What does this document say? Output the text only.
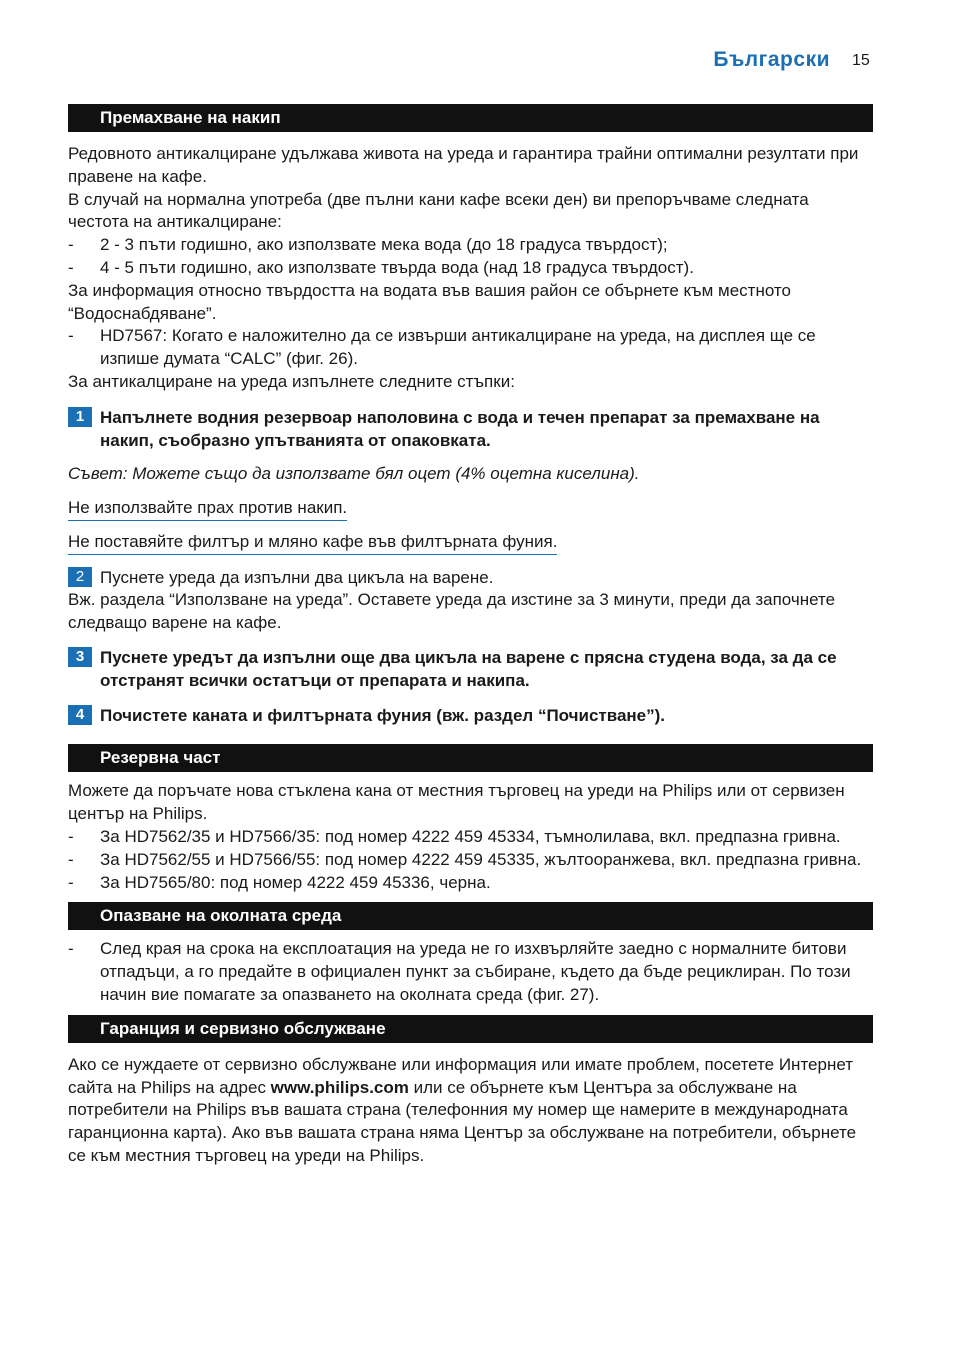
Български 15
Премахване на накип

Редовното антикалциране удължава живота на уреда и гарантира трайни оптимални резултати при правене на кафе.

В случай на нормална употреба (две пълни кани кафе всеки ден) ви препоръчваме следната честота на антикалциране:

- 2 - 3 пъти годишно, ако използвате мека вода (до 18 градуса твърдост);
- 4 - 5 пъти годишно, ако използвате твърда вода (над 18 градуса твърдост).

За информация относно твърдостта на водата във вашия район се обърнете към местното “Водоснабдяване”.

- HD7567: Когато е наложително да се извърши антикалциране на уреда, на дисплея ще се изпише думата “CALC” (фиг. 26).

За антикалциране на уреда изпълнете следните стъпки:

1 Напълнете водния резервоар наполовина с вода и течен препарат за премахване на накип, съобразно упътванията от опаковката.
Съвет: Можете също да използвате бял оцет (4% оцетна киселина).
Не използвайте прах против накип.
Не поставяйте филтър и мляно кафе във филтърната фуния.
2 Пуснете уреда да изпълни два цикъла на варене.

Вж. раздела “Използване на уреда”. Оставете уреда да изстине за 3 минути, преди да започнете следващо варене на кафе.

3 Пуснете уредът да изпълни още два цикъла на варене с прясна студена вода, за да се отстранят всички остатъци от препарата и накипа.
4 Почистете каната и филтърната фуния (вж. раздел “Почистване”).
Резервна част

Можете да поръчате нова стъклена кана от местния търговец на уреди на Philips или от сервизен център на Philips.

- За HD7562/35 и HD7566/35: под номер 4222 459 45334, тъмнолилава, вкл. предпазна гривна.
- За HD7562/55 и HD7566/55: под номер 4222 459 45335, жълтооранжева, вкл. предпазна гривна.
- За HD7565/80: под номер 4222 459 45336, черна.
Опазване на околната среда
- След края на срока на експлоатация на уреда не го изхвърляйте заедно с нормалните битови отпадъци, а го предайте в официален пункт за събиране, където да бъде рециклиран. По този начин вие помагате за опазването на околната среда (фиг. 27).
Гаранция и сервизно обслужване

Ако се нуждаете от сервизно обслужване или информация или имате проблем, посетете Интернет сайта на Philips на адрес www.philips.com или се обърнете към Центъра за обслужване на потребители на Philips във вашата страна (телефонния му номер ще намерите в международната гаранционна карта). Ако във вашата страна няма Център за обслужване на потребители, обърнете се към местния търговец на уреди на Philips.
